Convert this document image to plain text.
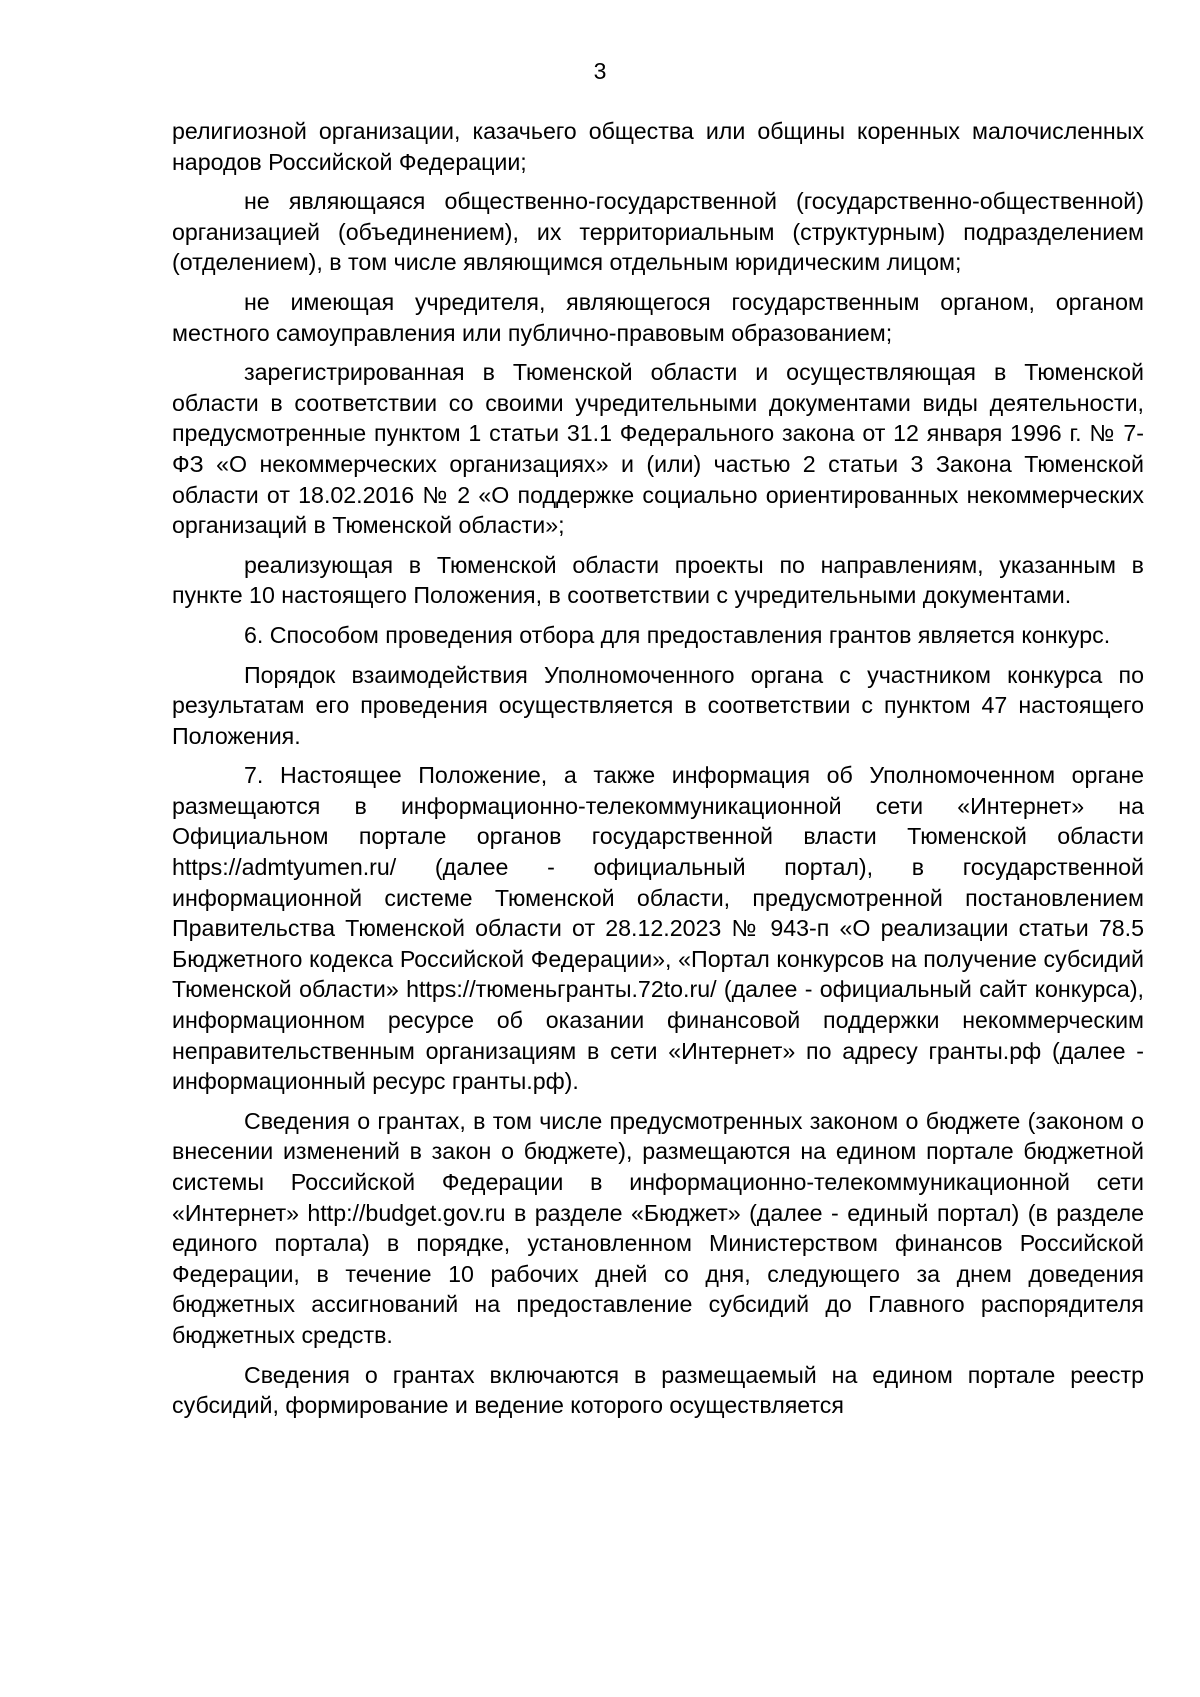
3

религиозной организации, казачьего общества или общины коренных малочисленных народов Российской Федерации;

не являющаяся общественно-государственной (государственно-общественной) организацией (объединением), их территориальным (структурным) подразделением (отделением), в том числе являющимся отдельным юридическим лицом;

не имеющая учредителя, являющегося государственным органом, органом местного самоуправления или публично-правовым образованием;

зарегистрированная в Тюменской области и осуществляющая в Тюменской области в соответствии со своими учредительными документами виды деятельности, предусмотренные пунктом 1 статьи 31.1 Федерального закона от 12 января 1996 г. № 7-ФЗ «О некоммерческих организациях» и (или) частью 2 статьи 3 Закона Тюменской области от 18.02.2016 № 2 «О поддержке социально ориентированных некоммерческих организаций в Тюменской области»;

реализующая в Тюменской области проекты по направлениям, указанным в пункте 10 настоящего Положения, в соответствии с учредительными документами.

6. Способом проведения отбора для предоставления грантов является конкурс.

Порядок взаимодействия Уполномоченного органа с участником конкурса по результатам его проведения осуществляется в соответствии с пунктом 47 настоящего Положения.

7. Настоящее Положение, а также информация об Уполномоченном органе размещаются в информационно-телекоммуникационной сети «Интернет» на Официальном портале органов государственной власти Тюменской области https://admtyumen.ru/ (далее - официальный портал), в государственной информационной системе Тюменской области, предусмотренной постановлением Правительства Тюменской области от 28.12.2023 № 943-п «О реализации статьи 78.5 Бюджетного кодекса Российской Федерации», «Портал конкурсов на получение субсидий Тюменской области» https://тюменьгранты.72to.ru/ (далее - официальный сайт конкурса), информационном ресурсе об оказании финансовой поддержки некоммерческим неправительственным организациям в сети «Интернет» по адресу гранты.рф (далее - информационный ресурс гранты.рф).

Сведения о грантах, в том числе предусмотренных законом о бюджете (законом о внесении изменений в закон о бюджете), размещаются на едином портале бюджетной системы Российской Федерации в информационно-телекоммуникационной сети «Интернет» http://budget.gov.ru в разделе «Бюджет» (далее - единый портал) (в разделе единого портала) в порядке, установленном Министерством финансов Российской Федерации, в течение 10 рабочих дней со дня, следующего за днем доведения бюджетных ассигнований на предоставление субсидий до Главного распорядителя бюджетных средств.

Сведения о грантах включаются в размещаемый на едином портале реестр субсидий, формирование и ведение которого осуществляется
